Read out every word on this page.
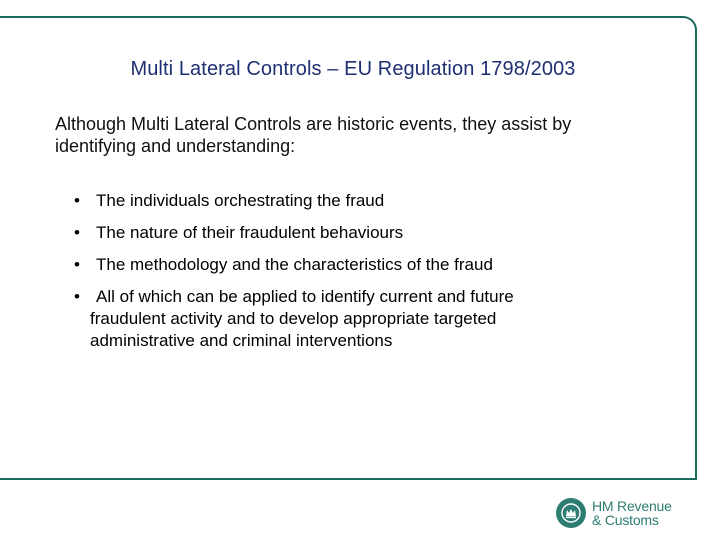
Multi Lateral Controls – EU Regulation 1798/2003
Although Multi Lateral Controls are historic events, they assist by identifying and understanding:
• The individuals orchestrating the fraud
• The nature of their fraudulent behaviours
• The methodology and the characteristics of the fraud
• All of which can be applied to identify current and future
fraudulent activity and to develop appropriate targeted
administrative and criminal interventions
HM Revenue
& Customs
